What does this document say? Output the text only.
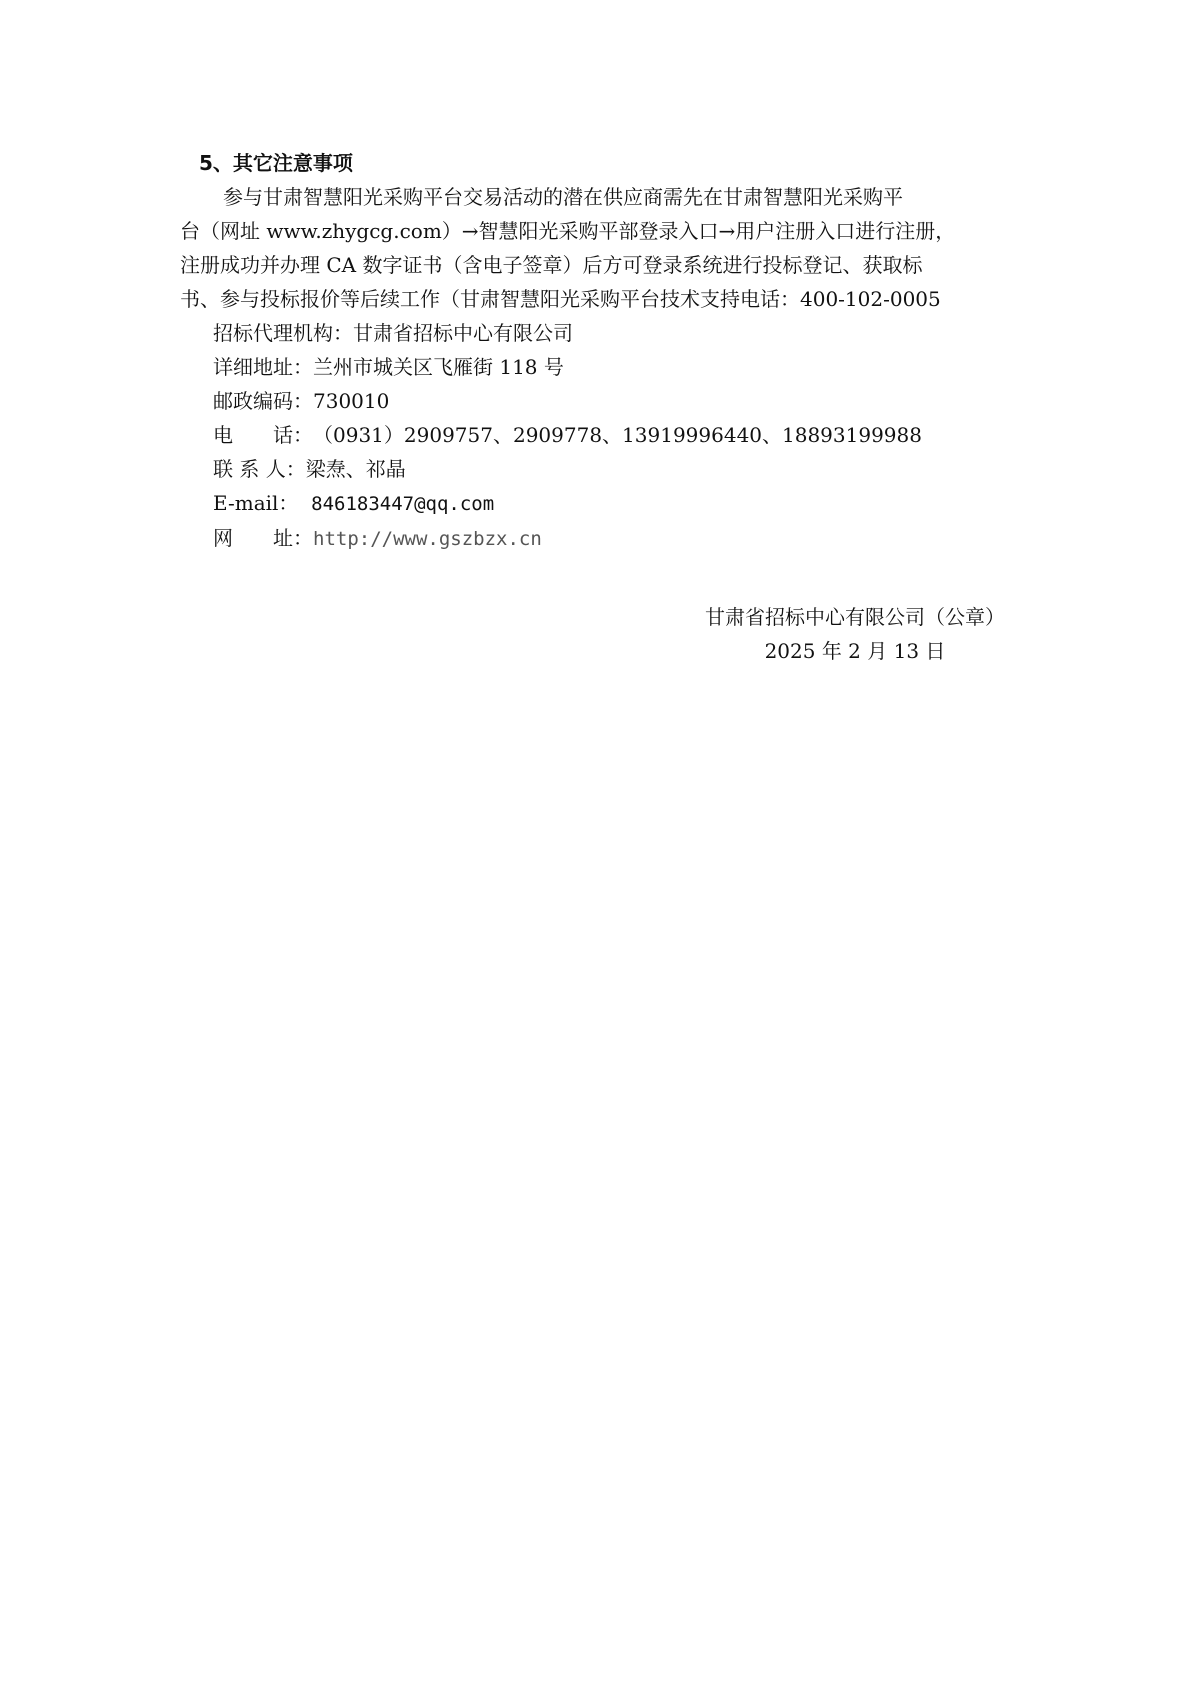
5、其它注意事项
参与甘肃智慧阳光采购平台交易活动的潜在供应商需先在甘肃智慧阳光采购平
台（网址 www.zhygcg.com）→智慧阳光采购平部登录入口→用户注册入口进行注册，
注册成功并办理 CA 数字证书（含电子签章）后方可登录系统进行投标登记、获取标
书、参与投标报价等后续工作（甘肃智慧阳光采购平台技术支持电话：400-102-0005
招标代理机构：甘肃省招标中心有限公司
详细地址：兰州市城关区飞雁街 118 号
邮政编码：730010
电　　话：（0931）2909757、2909778、13919996440、18893199988
联 系 人：梁焘、祁晶
E-mail： 846183447@qq.com
网　　址：http://www.gszbzx.cn
甘肃省招标中心有限公司（公章）
2025 年 2 月 13 日
